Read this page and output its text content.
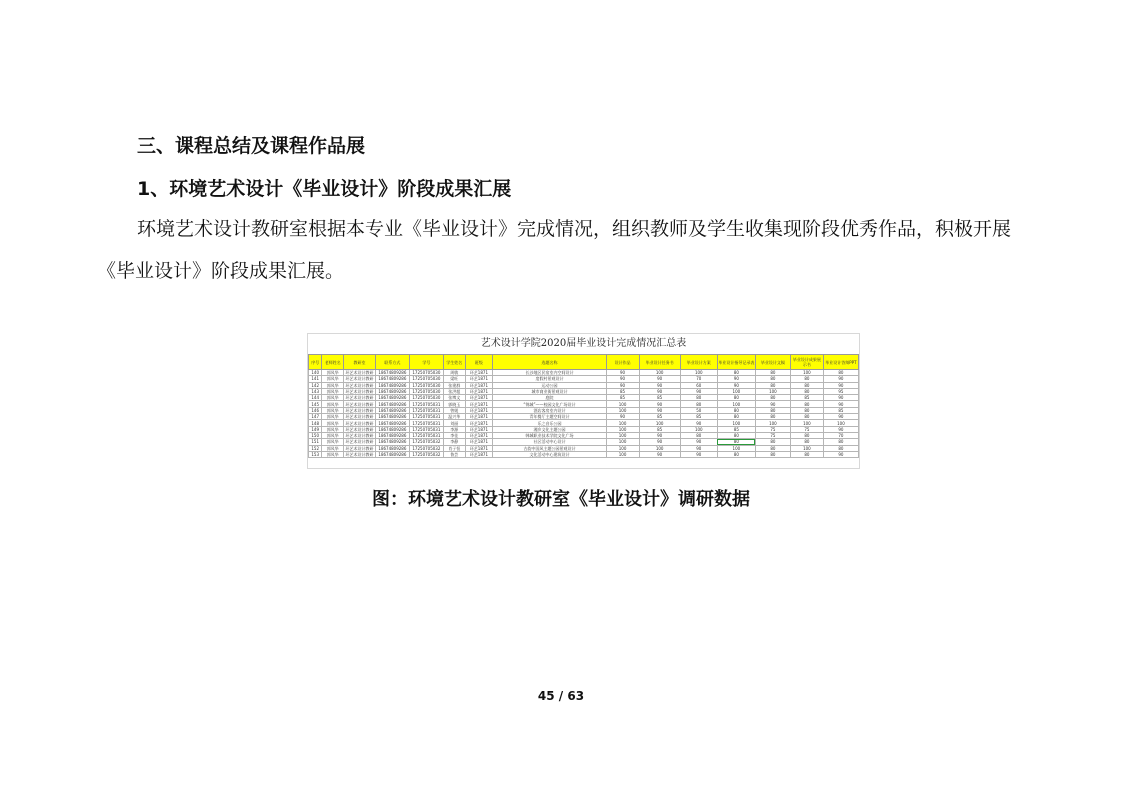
三、课程总结及课程作品展
1、环境艺术设计《毕业设计》阶段成果汇展
环境艺术设计教研室根据本专业《毕业设计》完成情况，组织教师及学生收集现阶段优秀作品，积极开展《毕业设计》阶段成果汇展。
艺术设计学院2020届毕业设计完成情况汇总表
序号	老师姓名	教研室	联系方式	学号	学生姓名	班级	选题名称	设计作品	毕业设计任务书	毕业设计方案	毕业设计指导记录表	毕业设计文稿	毕业设计成果展示书	毕业设计答辩PPT
140	郭凤华	环艺术设计教研	18674809286	17250705030	周敏	环艺1871	长沙地区民宿室内空间设计	90	100	100	80	80	100	80
141	郭凤华	环艺术设计教研	18674809286	17250705030	梁旺	环艺1871	度假村景观设计	90	90	70	90	80	80	90
142	郭凤华	环艺术设计教研	18674809286	17250705030	张建群	环艺1871	运动公园	90	90	60	90	80	80	90
143	郭凤华	环艺术设计教研	18674809286	17250705030	张洪超	环艺1871	城市商业街景观设计	85	90	90	100	100	80	95
144	郭凤华	环艺术设计教研	18674809286	17250705030	张博文	环艺1871	庭院	85	85	80	80	80	85	90
145	郭凤华	环艺术设计教研	18674809286	17250705031	郭晓玉	环艺1871	“锦城”——校园文化广场设计	100	90	80	100	90	80	90
146	郭凤华	环艺术设计教研	18674809286	17250705031	曾媛	环艺1871	酒店客房室内设计	100	90	50	80	80	80	85
147	郭凤华	环艺术设计教研	18674809286	17250705031	温兴华	环艺1871	青年餐厅主题空间设计	90	85	85	80	80	80	90
148	郭凤华	环艺术设计教研	18674809286	17250705031	刘丽	环艺1871	乐之音乐公园	100	100	90	100	100	100	100
149	郭凤华	环艺术设计教研	18674809286	17250705031	李源	环艺1871	湘乡文化主题公园	100	85	100	85	75	75	90
150	郭凤华	环艺术设计教研	18674809286	17250705031	李佳	环艺1871	韩城职业技术学院文化广场	100	90	80	80	75	80	70
151	郭凤华	环艺术设计教研	18674809286	17250705032	李静	环艺1871	社区活动中心设计	100	90	90	80	80	80	80
152	郭凤华	环艺术设计教研	18674809286	17250705032	肖子恒	环艺1871	古韵中国风主题公园景观设计	100	100	90	100	80	100	80
153	郭凤华	环艺术设计教研	18674809286	17250705032	鲁芸	环艺1871	文化活动中心建筑设计	100	90	90	80	80	80	90
图：环境艺术设计教研室《毕业设计》调研数据
45 / 63
